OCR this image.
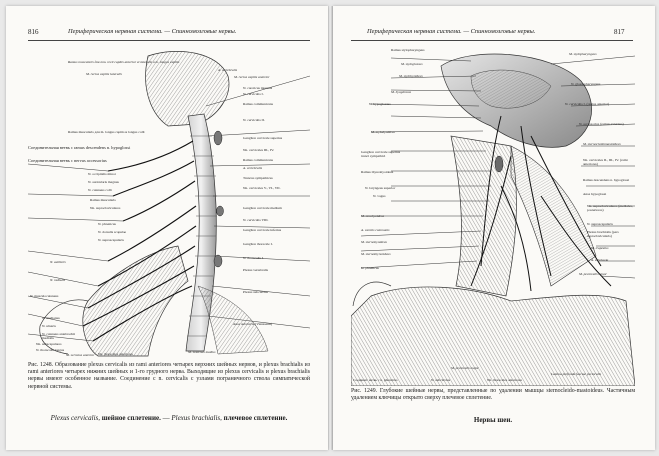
816	Периферическая нервная система. — Спинномозговые нервы.
Ramus muscularis для mm. recti capitis anterior et lateralis и m. longus capitis
M. rectus capitis lateralis
Ramus muscularis для m. longus capitis и longus colli
Соединительная ветвь с ramus descendens n. hypoglossi
Соединительная ветвь с nervus accessorius
N. occipitalis minor
N. auricularis magnus
N. cutaneus colli
Ramus muscularis
Nn. supraclaviculares
N. phrenicus
N. dorsalis scapulae
N. suprascapularis
N. axillaris
N. radialis
N. musculocutaneus
N. medianus
N. ulnaris
N. cutaneus antebrachii medialis
Nn. subscapulares
N. thoracalis longus
Nn. thoracales anteriores
A. vertebralis
M. rectus capitis anterior
N. cervicalis I.
N. caroticus internus
Ramus communicans
N. cervicalis II.
Ganglion cervicale superius
Nn. cervicales III., IV.
Ramus communicans
A. vertebralis
Truncus sympathicus
Nn. cervicales V., VI., VII.
Ganglion cervicale medium
N. cervicalis VIII.
Ganglion cervicale inferius
Ganglion thoracale I.
N. thoracalis I.
Plexus vertebralis
Plexus subclavius
Ansa subclavia (Vieussenii)
M. scalenus medius
M. serratus anterior
Рис. 1248. Образование plexus cervicalis из rami anteriores четырех верхних шейных нервов, и plexus brachialis из rami anteriores четырех нижних шейных и 1-го грудного нерва. Выходящие из plexus cervicalis и plexus brachialis нервы имеют особенное название. Соединение с n. cervicalis с узлами пограничного ствола симпатической нервной системы.
Plexus cervicalis, шейное сплетение. — Plexus brachialis, плечевое сплетение.
Периферическая нервная система. — Спинномозговые нервы.	817
Ramus stylopharyngeus
M. styloglossus
M. stylohyoideus
N. hypoglossus
M. hyoglossus
M. mylohyoideus
Ganglion cervicale superius trunci sympathici
Ramus thyreohyoideus
N. laryngeus superior
N. vagus
M. omohyoideus
A. carotis communis
M. sternohyoideus
M. sternothyreoideus
N. phrenicus
Соединит. ветвь с n. phrenicus	N. subclavius
M. pectoralis major
Nn. thoracales anteriores
M. stylopharyngeus
N. glossopharyngeus
N. cervicalis I. (ramus anterior)
N. accessorius (ramus externus)
M. sternocleidomastoideus
Nn. cervicales II., III., IV. (rami anteriores)
Ramus descendens n. hypoglossi
Ansa hypoglossi
Nn. supraclaviculares (mediales, posteriores)
N. suprascapularis
Plexus brachialis (pars supraclavicularis)
M. trapezius
A. subclavia
M. pectoralis minor
Lamina profunda fasciae pectoralis
Рис. 1249. Глубокие шейные нервы, представленные по удалении мышцы sternocleido-mastoideus. Частичным удалением ключицы открыто сверху плечевое сплетение.
Нервы шеи.
